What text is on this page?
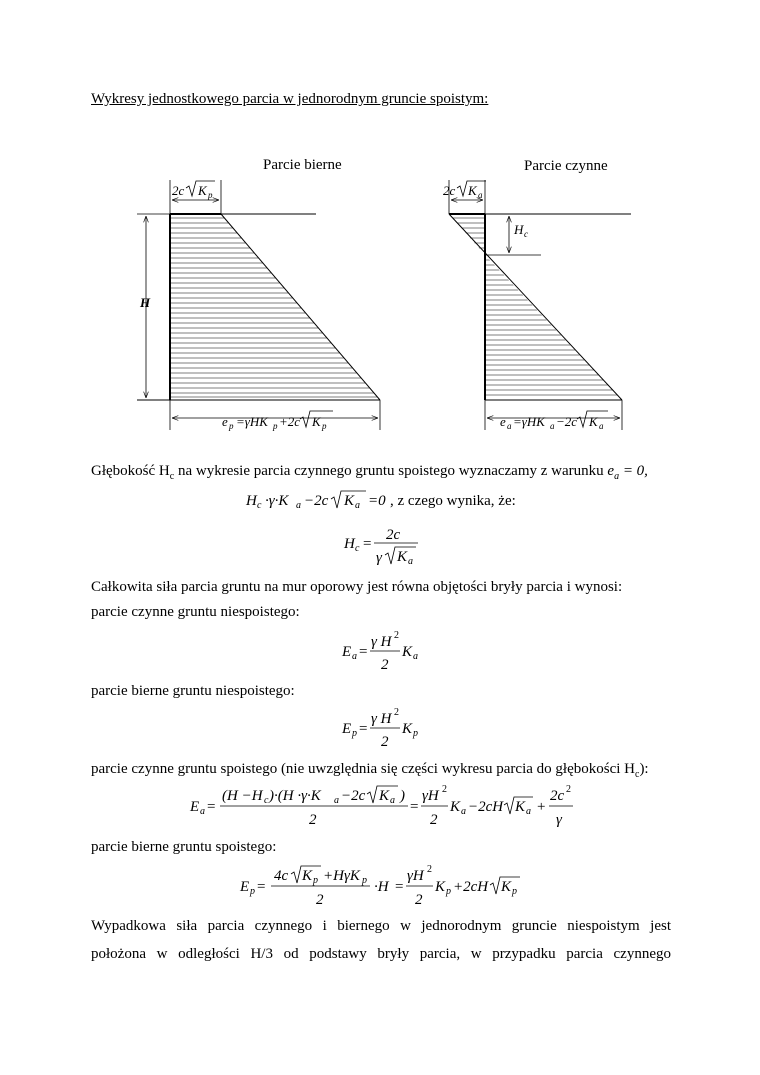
Wykresy jednostkowego parcia w jednorodnym gruncie spoistym:
Parcie bierne	Parcie czynne
H
2c K p
e p =γHK p +2c K p
H c
2c K a
e a =γHK a −2c K a
Głębokość $H_c$ na wykresie parcia czynnego gruntu spoistego wyznaczamy z warunku $e_a = 0$,
H c ·γ·K a −2c K a =0 , z czego wynika, że:
H c =
2c
γ K a
Całkowita siła parcia gruntu na mur oporowy jest równa objętości bryły parcia i wynosi:
parcie czynne gruntu niespoistego:
E a =
γ H 2
2
K a
parcie bierne gruntu niespoistego:
E p =
γ H 2
2
K p
parcie czynne gruntu spoistego (nie uwzględnia się części wykresu parcia do głębokości $H_c$):
E a =
(H −H c )·(H ·γ·K a −2c K a )
2
=
γH 2
2
K a −2cH K a +
2c 2
γ
parcie bierne gruntu spoistego:
E p =
4c K p +HγK p
2
·H =
γH 2
2
K p +2cH K p
Wypadkowa siła parcia czynnego i biernego w jednorodnym gruncie niespoistym jest
położona w odległości H/3 od podstawy bryły parcia, w przypadku parcia czynnego
